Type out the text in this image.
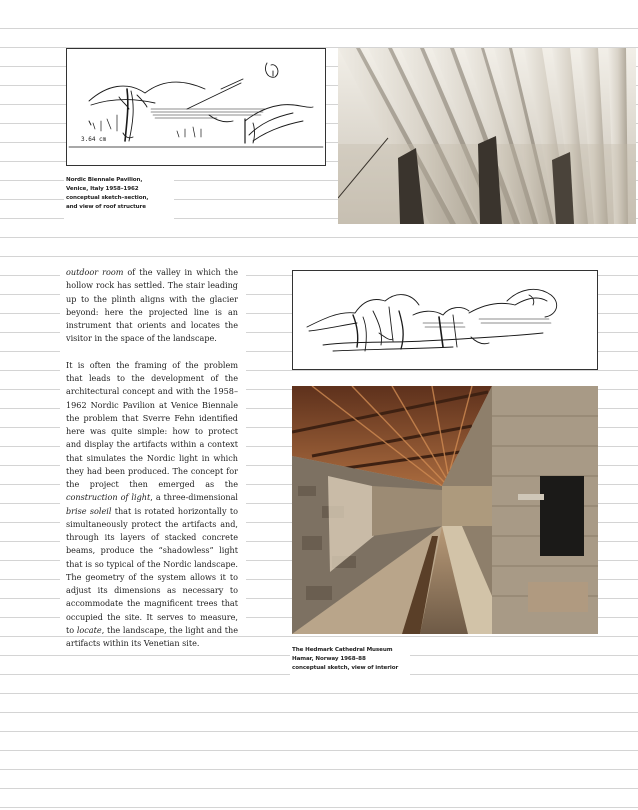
3.64 cm
Nordic Biennale Pavilion,
Venice, Italy 1958–1962
conceptual sketch–section,
and view of roof structure

outdoor room of the valley in which the hollow rock has settled. The stair leading up to the plinth aligns with the glacier beyond: here the projected line is an instrument that orients and locates the visitor in the space of the landscape.

It is often the framing of the problem that leads to the development of the architectural concept and with the 1958–1962 Nordic Pavilion at Venice Biennale the problem that Sverre Fehn identified here was quite simple: how to protect and display the artifacts within a context that simulates the Nordic light in which they had been produced. The concept for the project then emerged as the construction of light, a three-dimensional brise soleil that is rotated horizontally to simultaneously protect the artifacts and, through its layers of stacked concrete beams, produce the “shadowless” light that is so typical of the Nordic landscape. The geometry of the system allows it to adjust its dimensions as necessary to accommodate the magnificent trees that occupied the site. It serves to measure, to locate, the landscape, the light and the artifacts within its Venetian site.

The Hedmark Cathedral Museum
Hamar, Norway 1968–88
conceptual sketch, view of interior
